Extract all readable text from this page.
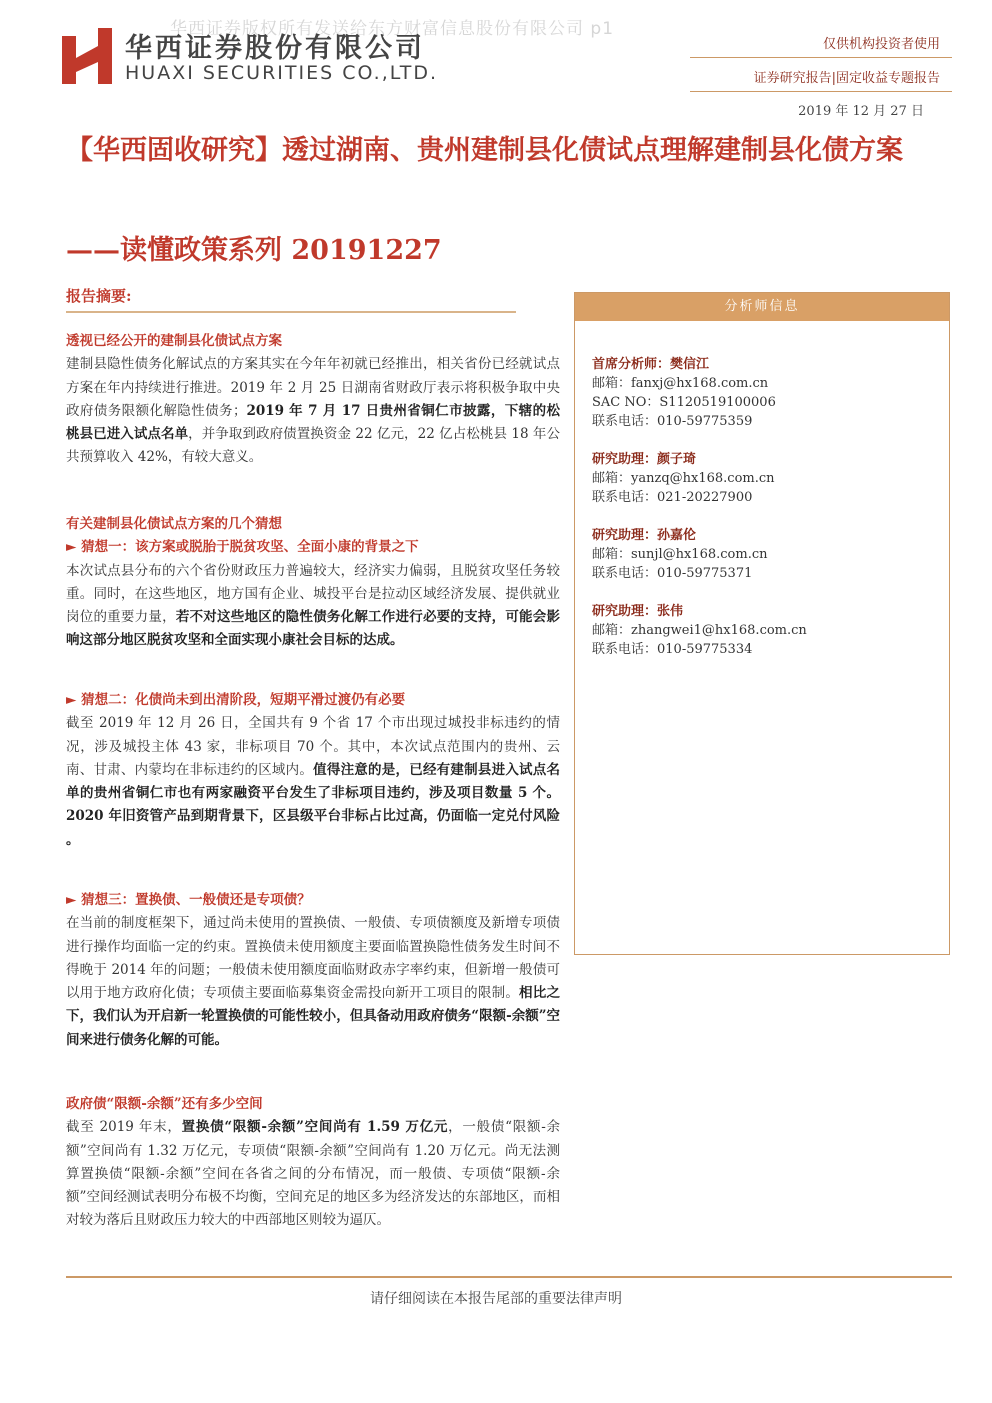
华西证券版权所有发送给东方财富信息股份有限公司 p1
华西证券股份有限公司
HUAXI SECURITIES CO.,LTD.
仅供机构投资者使用
证券研究报告|固定收益专题报告
2019 年 12 月 27 日
【华西固收研究】透过湖南、贵州建制县化债试点理解建制县化债方案
——读懂政策系列 20191227
报告摘要:
透视已经公开的建制县化债试点方案

建制县隐性债务化解试点的方案其实在今年年初就已经推出，相关省份已经就试点方案在年内持续进行推进。2019 年 2 月 25 日湖南省财政厅表示将积极争取中央政府债务限额化解隐性债务；2019 年 7 月 17 日贵州省铜仁市披露，下辖的松桃县已进入试点名单，并争取到政府债置换资金 22 亿元，22 亿占松桃县 18 年公共预算收入 42%，有较大意义。

有关建制县化债试点方案的几个猜想
► 猜想一：该方案或脱胎于脱贫攻坚、全面小康的背景之下

本次试点县分布的六个省份财政压力普遍较大，经济实力偏弱，且脱贫攻坚任务较重。同时，在这些地区，地方国有企业、城投平台是拉动区域经济发展、提供就业岗位的重要力量，若不对这些地区的隐性债务化解工作进行必要的支持，可能会影响这部分地区脱贫攻坚和全面实现小康社会目标的达成。

► 猜想二：化债尚未到出清阶段，短期平滑过渡仍有必要

截至 2019 年 12 月 26 日，全国共有 9 个省 17 个市出现过城投非标违约的情况，涉及城投主体 43 家，非标项目 70 个。其中，本次试点范围内的贵州、云南、甘肃、内蒙均在非标违约的区域内。值得注意的是，已经有建制县进入试点名单的贵州省铜仁市也有两家融资平台发生了非标项目违约，涉及项目数量 5 个。2020 年旧资管产品到期背景下，区县级平台非标占比过高，仍面临一定兑付风险 。

► 猜想三：置换债、一般债还是专项债？

在当前的制度框架下，通过尚未使用的置换债、一般债、专项债额度及新增专项债进行操作均面临一定的约束。置换债未使用额度主要面临置换隐性债务发生时间不得晚于 2014 年的问题；一般债未使用额度面临财政赤字率约束，但新增一般债可以用于地方政府化债；专项债主要面临募集资金需投向新开工项目的限制。相比之下，我们认为开启新一轮置换债的可能性较小，但具备动用政府债务“限额-余额”空间来进行债务化解的可能。

政府债“限额-余额”还有多少空间

截至 2019 年末，置换债“限额-余额”空间尚有 1.59 万亿元，一般债“限额-余额”空间尚有 1.32 万亿元，专项债“限额-余额”空间尚有 1.20 万亿元。尚无法测算置换债“限额-余额”空间在各省之间的分布情况，而一般债、专项债“限额-余额”空间经测试表明分布极不均衡，空间充足的地区多为经济发达的东部地区，而相对较为落后且财政压力较大的中西部地区则较为逼仄。

分析师信息
首席分析师：樊信江
邮箱：fanxj@hx168.com.cn
SAC NO：S1120519100006
联系电话：010-59775359
研究助理：颜子琦
邮箱：yanzq@hx168.com.cn
联系电话：021-20227900
研究助理：孙嘉伦
邮箱：sunjl@hx168.com.cn
联系电话：010-59775371
研究助理：张伟
邮箱：zhangwei1@hx168.com.cn
联系电话：010-59775334
请仔细阅读在本报告尾部的重要法律声明
